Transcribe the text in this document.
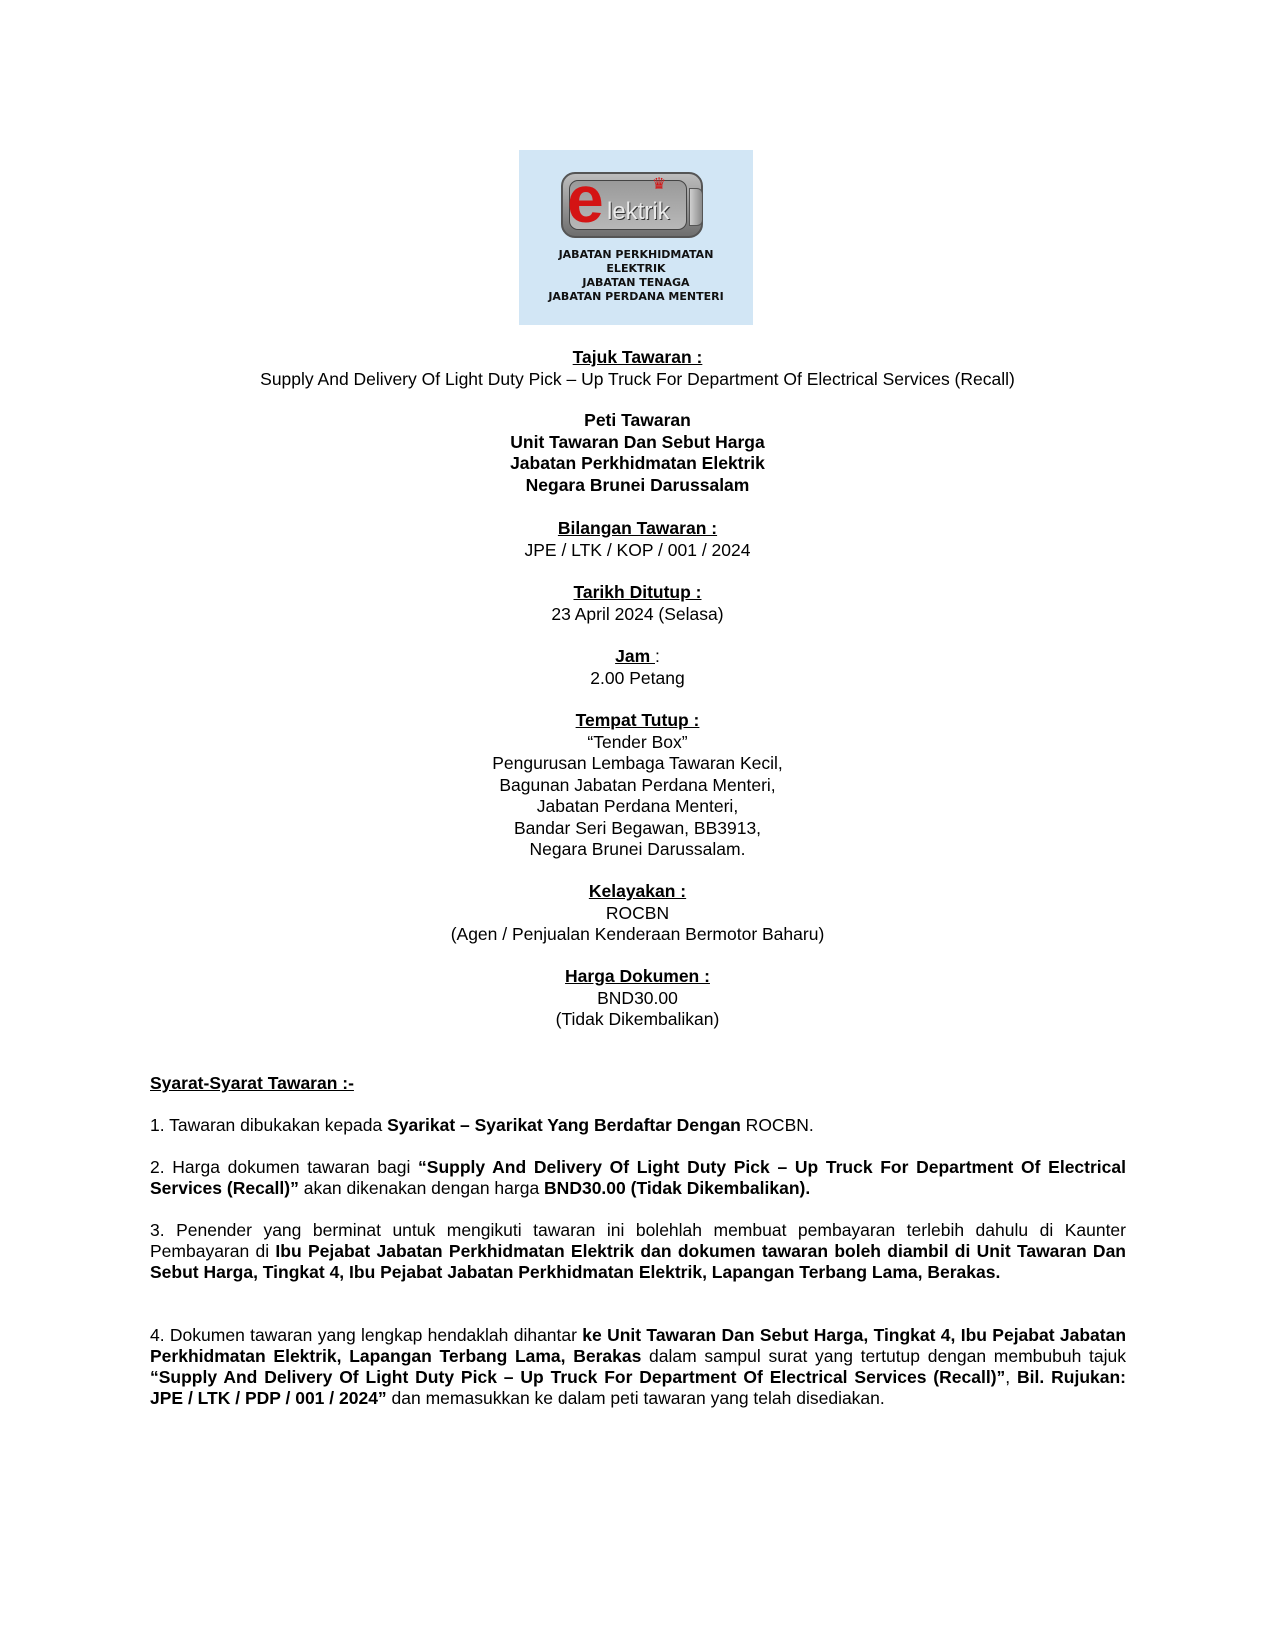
e	♛
lektrik
JABATAN PERKHIDMATAN
ELEKTRIK
JABATAN TENAGA
JABATAN PERDANA MENTERI
Tajuk Tawaran :
Supply And Delivery Of Light Duty Pick – Up Truck For Department Of Electrical Services (Recall)
Peti Tawaran
Unit Tawaran Dan Sebut Harga
Jabatan Perkhidmatan Elektrik
Negara Brunei Darussalam
Bilangan Tawaran :
JPE / LTK / KOP / 001 / 2024
Tarikh Ditutup :
23 April 2024 (Selasa)
Jam :
2.00 Petang
Tempat Tutup :
“Tender Box”
Pengurusan Lembaga Tawaran Kecil,
Bagunan Jabatan Perdana Menteri,
Jabatan Perdana Menteri,
Bandar Seri Begawan, BB3913,
Negara Brunei Darussalam.
Kelayakan :
ROCBN
(Agen / Penjualan Kenderaan Bermotor Baharu)
Harga Dokumen :
BND30.00
(Tidak Dikembalikan)
Syarat-Syarat Tawaran :-
1. Tawaran dibukakan kepada Syarikat – Syarikat Yang Berdaftar Dengan ROCBN.
2. Harga dokumen tawaran bagi “Supply And Delivery Of Light Duty Pick – Up Truck For Department Of Electrical Services (Recall)” akan dikenakan dengan harga BND30.00 (Tidak Dikembalikan).
3. Penender yang berminat untuk mengikuti tawaran ini bolehlah membuat pembayaran terlebih dahulu di Kaunter Pembayaran di Ibu Pejabat Jabatan Perkhidmatan Elektrik dan dokumen tawaran boleh diambil di Unit Tawaran Dan Sebut Harga, Tingkat 4, Ibu Pejabat Jabatan Perkhidmatan Elektrik, Lapangan Terbang Lama, Berakas.
4. Dokumen tawaran yang lengkap hendaklah dihantar ke Unit Tawaran Dan Sebut Harga, Tingkat 4, Ibu Pejabat Jabatan Perkhidmatan Elektrik, Lapangan Terbang Lama, Berakas dalam sampul surat yang tertutup dengan membubuh tajuk “Supply And Delivery Of Light Duty Pick – Up Truck For Department Of Electrical Services (Recall)”, Bil. Rujukan: JPE / LTK / PDP / 001 / 2024” dan memasukkan ke dalam peti tawaran yang telah disediakan.
